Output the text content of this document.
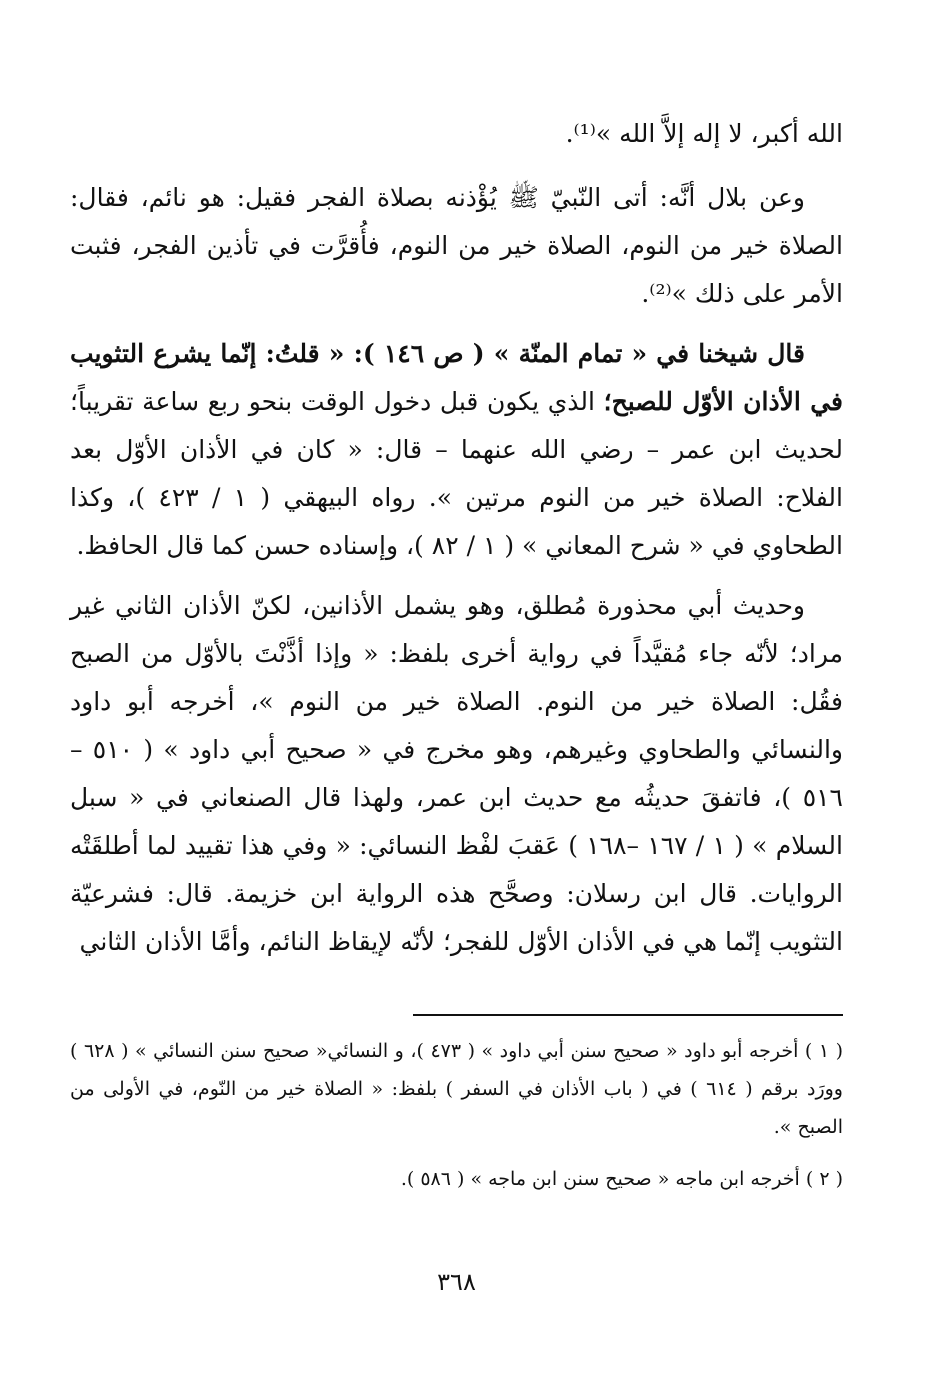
الله أكبر، لا إله إلاَّ الله »⁽¹⁾.

وعن بلال أنَّه: أتى النّبيّ ﷺ يُؤْذنه بصلاة الفجر فقيل: هو نائم، فقال: الصلاة خير من النوم، الصلاة خير من النوم، فأُقرَّت في تأذين الفجر، فثبت الأمر على ذلك »⁽²⁾.

قال شيخنا في « تمام المنّة » ( ص ١٤٦ ): « قلتُ: إنّما يشرع التثويب في الأذان الأوّل للصبح؛ الذي يكون قبل دخول الوقت بنحو ربع ساعة تقريباً؛ لحديث ابن عمر – رضي الله عنهما – قال: « كان في الأذان الأوّل بعد الفلاح: الصلاة خير من النوم مرتين ». رواه البيهقي ( ١ / ٤٢٣ )، وكذا الطحاوي في « شرح المعاني » ( ١ / ٨٢ )، وإسناده حسن كما قال الحافظ.

وحديث أبي محذورة مُطلق، وهو يشمل الأذانين، لكنّ الأذان الثاني غير مراد؛ لأنّه جاء مُقيَّداً في رواية أخرى بلفظ: « وإذا أذَّنْتَ بالأوّل من الصبح فقُل: الصلاة خير من النوم. الصلاة خير من النوم »، أخرجه أبو داود والنسائي والطحاوي وغيرهم، وهو مخرج في « صحيح أبي داود » ( ٥١٠ – ٥١٦ )، فاتفقَ حديثُه مع حديث ابن عمر، ولهذا قال الصنعاني في « سبل السلام » ( ١ / ١٦٧ –١٦٨ ) عَقبَ لفْظ النسائي: « وفي هذا تقييد لما أطلقَتْه الروايات. قال ابن رسلان: وصحَّح هذه الرواية ابن خزيمة. قال: فشرعيّة التثويب إنّما هي في الأذان الأوّل للفجر؛ لأنّه لإيقاظ النائم، وأمَّا الأذان الثاني

( ١ ) أخرجه أبو داود « صحيح سنن أبي داود » ( ٤٧٣ )، و النسائي« صحيح سنن النسائي » ( ٦٢٨ ) وورَد برقم ( ٦١٤ ) في ( باب الأذان في السفر ) بلفظ: « الصلاة خير من النّوم، في الأولى من الصبح ».

( ٢ ) أخرجه ابن ماجه « صحيح سنن ابن ماجه » ( ٥٨٦ ).

٣٦٨
